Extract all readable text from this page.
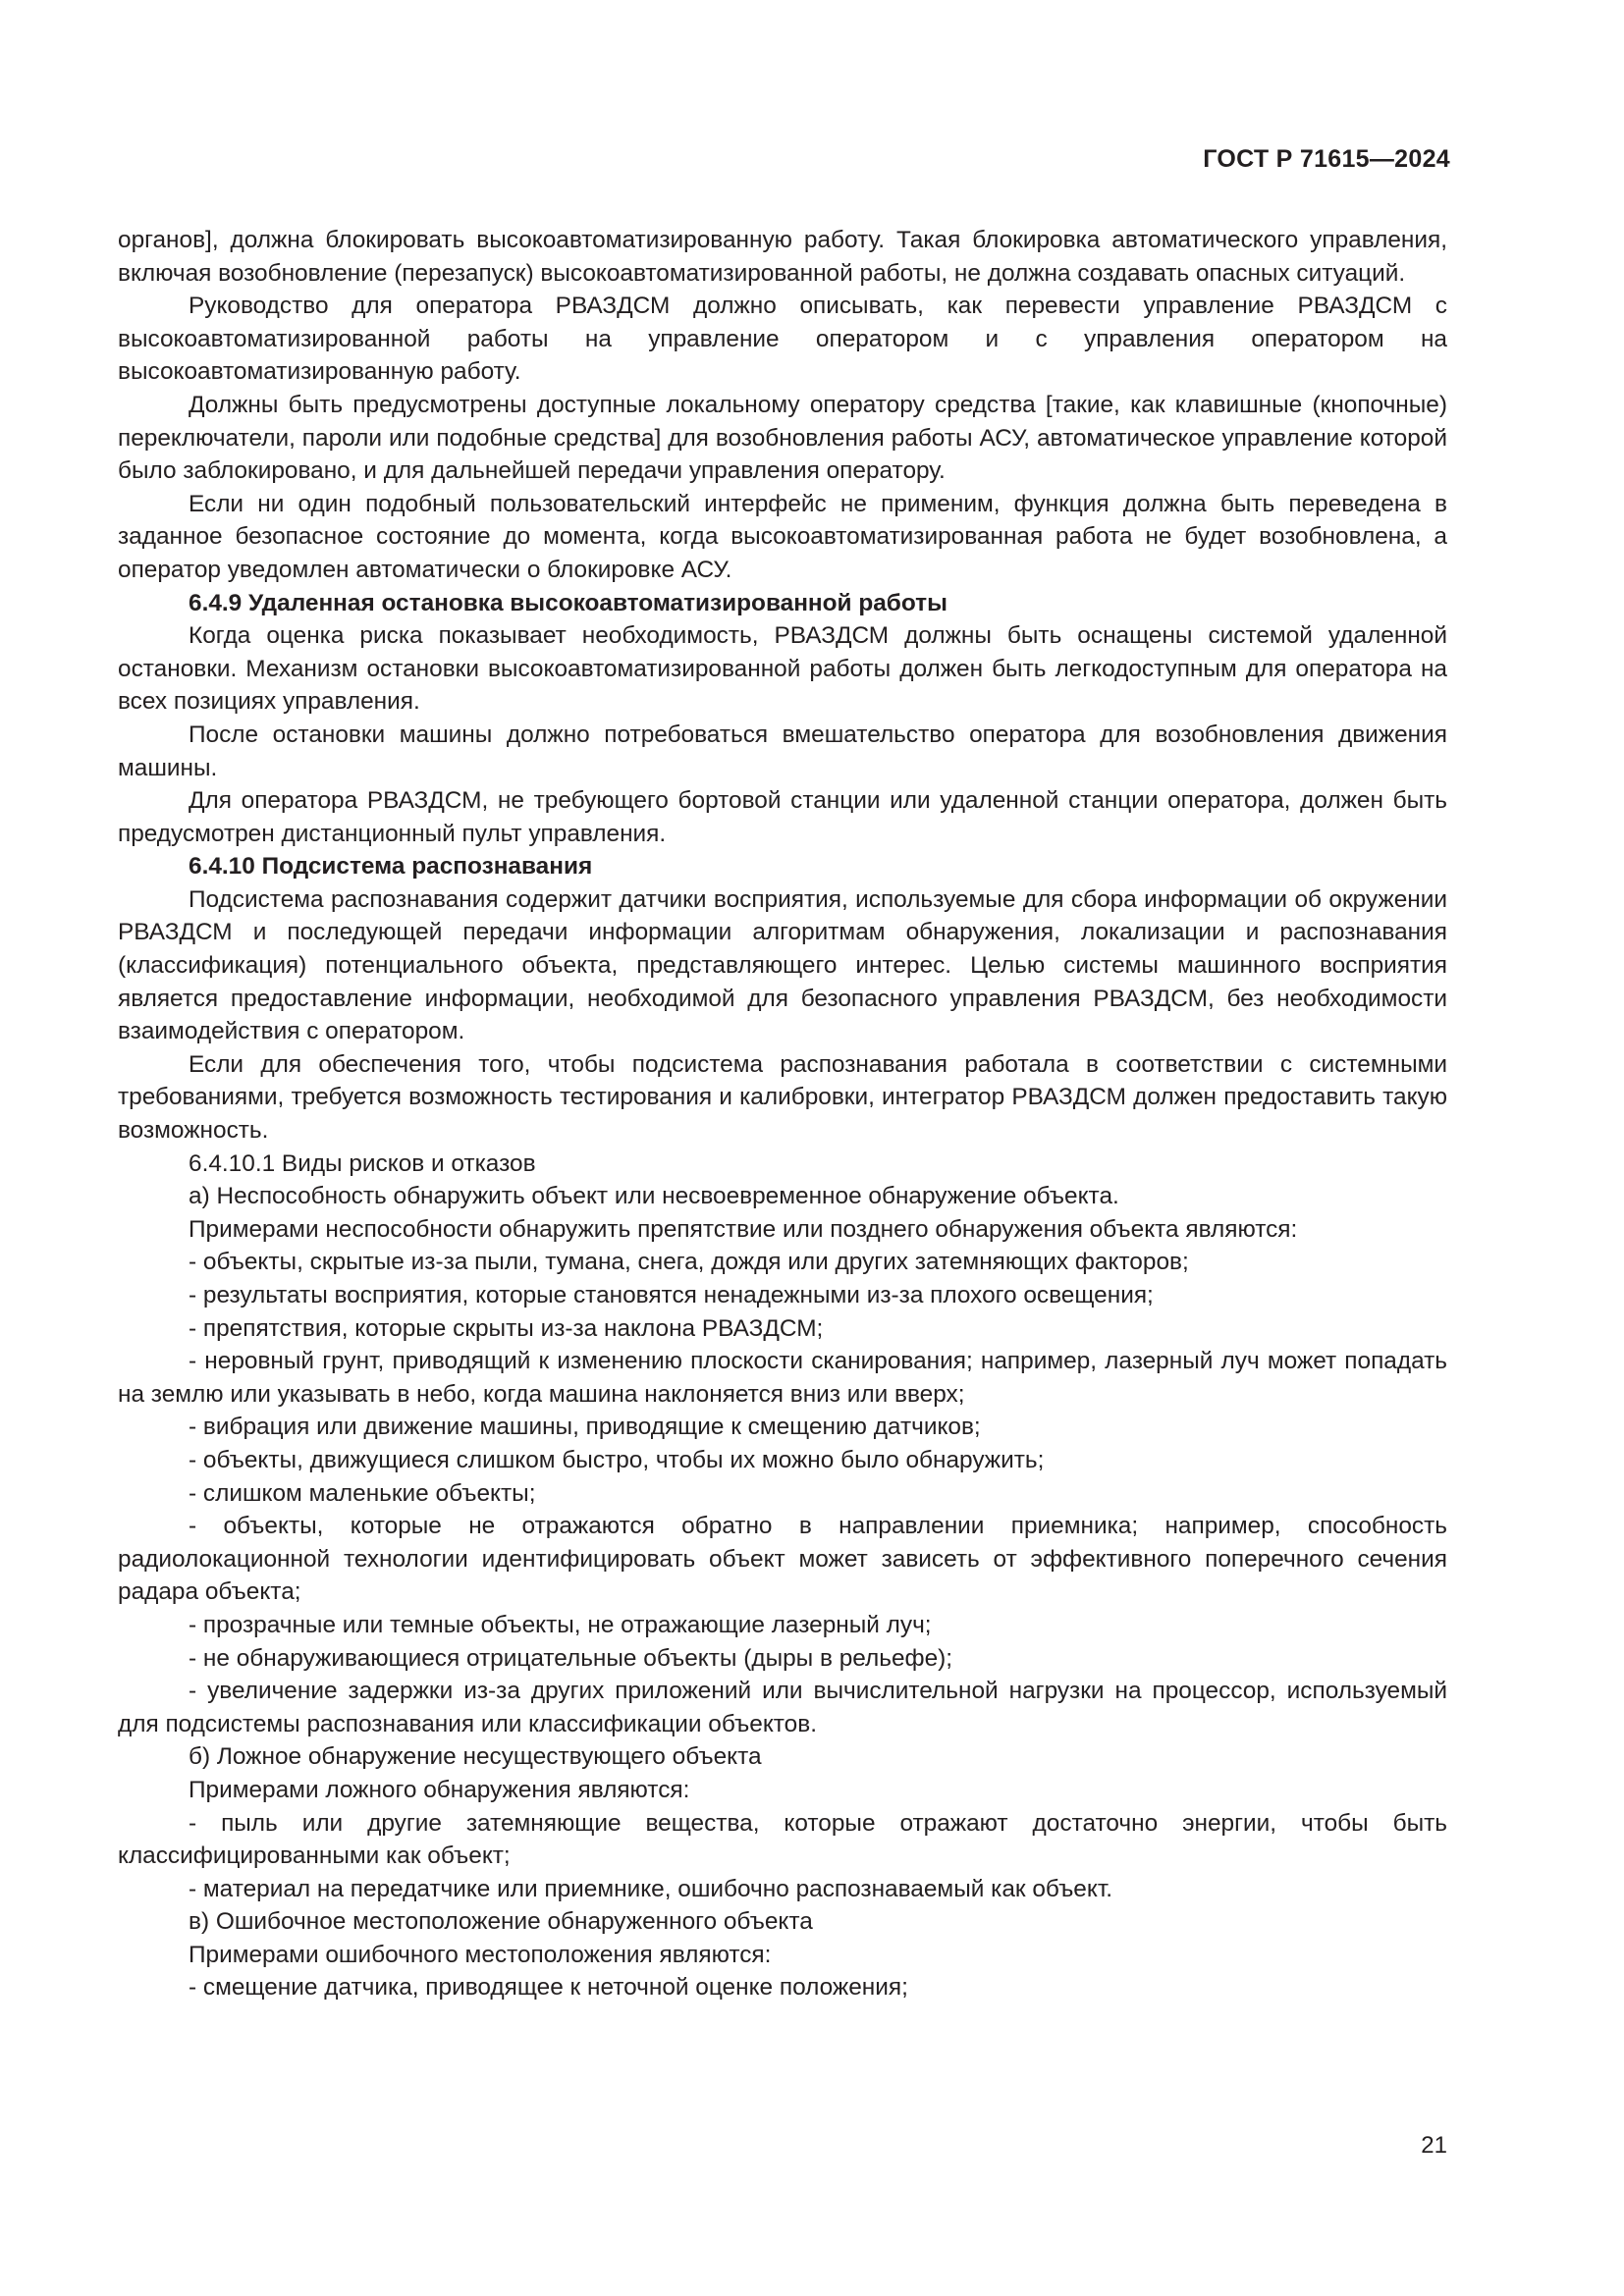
ГОСТ Р 71615—2024

органов], должна блокировать высокоавтоматизированную работу. Такая блокировка автоматического управления, включая возобновление (перезапуск) высокоавтоматизированной работы, не должна создавать опасных ситуаций.

Руководство для оператора РВАЗДСМ должно описывать, как перевести управление РВАЗДСМ с высокоавтоматизированной работы на управление оператором и с управления оператором на высокоавтоматизированную работу.

Должны быть предусмотрены доступные локальному оператору средства [такие, как клавишные (кнопочные) переключатели, пароли или подобные средства] для возобновления работы АСУ, автоматическое управление которой было заблокировано, и для дальнейшей передачи управления оператору.

Если ни один подобный пользовательский интерфейс не применим, функция должна быть переведена в заданное безопасное состояние до момента, когда высокоавтоматизированная работа не будет возобновлена, а оператор уведомлен автоматически о блокировке АСУ.

6.4.9 Удаленная остановка высокоавтоматизированной работы

Когда оценка риска показывает необходимость, РВАЗДСМ должны быть оснащены системой удаленной остановки. Механизм остановки высокоавтоматизированной работы должен быть легкодоступным для оператора на всех позициях управления.

После остановки машины должно потребоваться вмешательство оператора для возобновления движения машины.

Для оператора РВАЗДСМ, не требующего бортовой станции или удаленной станции оператора, должен быть предусмотрен дистанционный пульт управления.

6.4.10 Подсистема распознавания

Подсистема распознавания содержит датчики восприятия, используемые для сбора информации об окружении РВАЗДСМ и последующей передачи информации алгоритмам обнаружения, локализации и распознавания (классификация) потенциального объекта, представляющего интерес. Целью системы машинного восприятия является предоставление информации, необходимой для безопасного управления РВАЗДСМ, без необходимости взаимодействия с оператором.

Если для обеспечения того, чтобы подсистема распознавания работала в соответствии с системными требованиями, требуется возможность тестирования и калибровки, интегратор РВАЗДСМ должен предоставить такую возможность.

6.4.10.1 Виды рисков и отказов

а) Неспособность обнаружить объект или несвоевременное обнаружение объекта.

Примерами неспособности обнаружить препятствие или позднего обнаружения объекта являются:

- объекты, скрытые из-за пыли, тумана, снега, дождя или других затемняющих факторов;

- результаты восприятия, которые становятся ненадежными из-за плохого освещения;

- препятствия, которые скрыты из-за наклона РВАЗДСМ;

- неровный грунт, приводящий к изменению плоскости сканирования; например, лазерный луч может попадать на землю или указывать в небо, когда машина наклоняется вниз или вверх;

- вибрация или движение машины, приводящие к смещению датчиков;

- объекты, движущиеся слишком быстро, чтобы их можно было обнаружить;

- слишком маленькие объекты;

- объекты, которые не отражаются обратно в направлении приемника; например, способность радиолокационной технологии идентифицировать объект может зависеть от эффективного поперечного сечения радара объекта;

- прозрачные или темные объекты, не отражающие лазерный луч;

- не обнаруживающиеся отрицательные объекты (дыры в рельефе);

- увеличение задержки из-за других приложений или вычислительной нагрузки на процессор, используемый для подсистемы распознавания или классификации объектов.

б) Ложное обнаружение несуществующего объекта

Примерами ложного обнаружения являются:

- пыль или другие затемняющие вещества, которые отражают достаточно энергии, чтобы быть классифицированными как объект;

- материал на передатчике или приемнике, ошибочно распознаваемый как объект.

в) Ошибочное местоположение обнаруженного объекта

Примерами ошибочного местоположения являются:

- смещение датчика, приводящее к неточной оценке положения;

21
